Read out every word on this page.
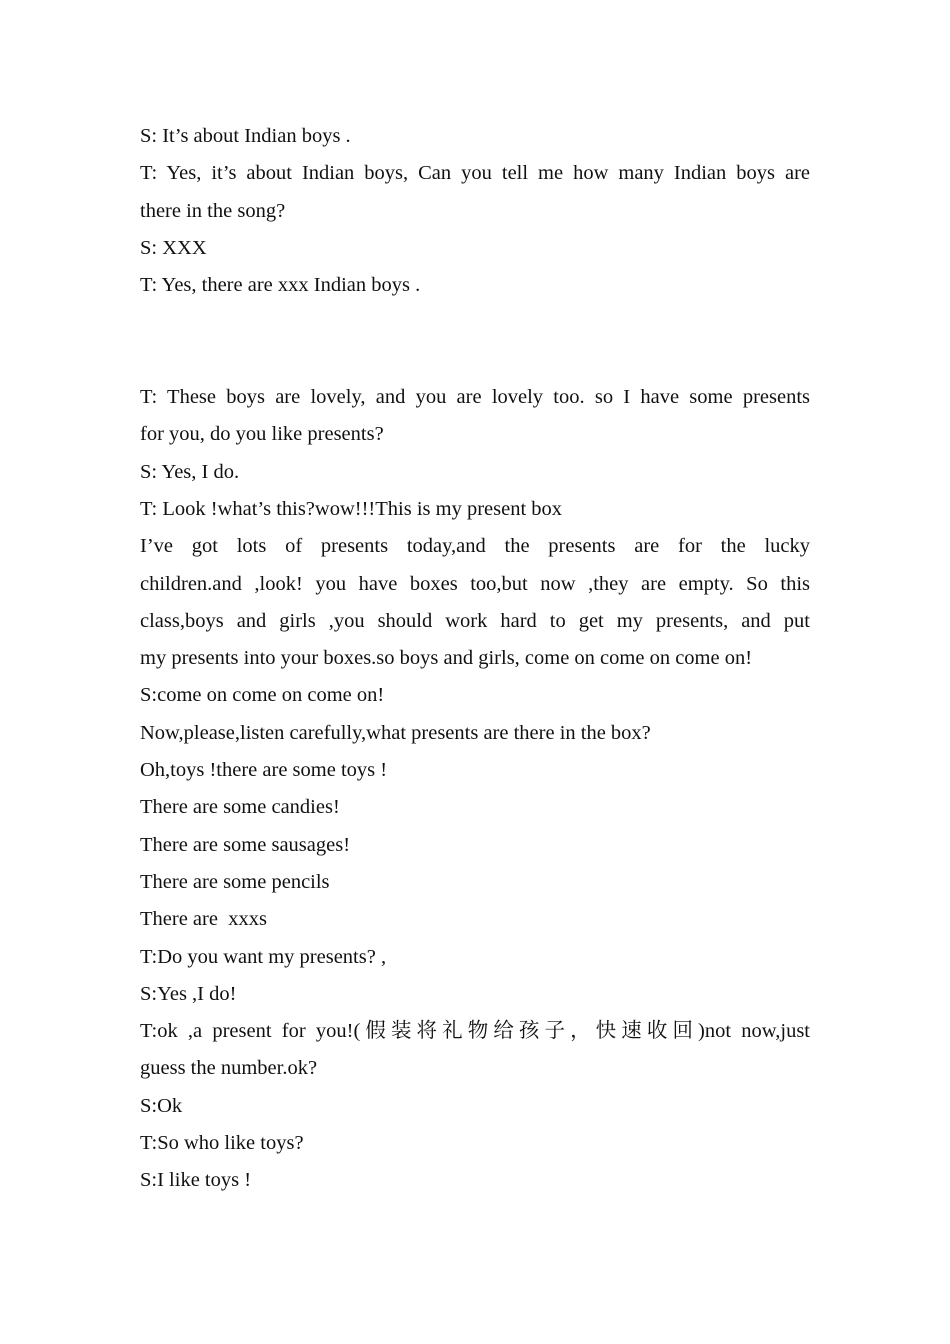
S: It’s about Indian boys .
T: Yes, it’s about Indian boys, Can you tell me how many Indian boys are
there in the song?
S: XXX
T: Yes, there are xxx Indian boys .
T: These boys are lovely, and you are lovely too. so I have some presents
for you, do you like presents?
S: Yes, I do.
T: Look !what’s this?wow!!!This is my present box
I’ve got lots of presents today,and the presents are for the lucky
children.and ,look! you have boxes too,but now ,they are empty. So this
class,boys and girls ,you should work hard to get my presents, and put
my presents into your boxes.so boys and girls, come on come on come on!
S:come on come on come on!
Now,please,listen carefully,what presents are there in the box?
Oh,toys !there are some toys !
There are some candies!
There are some sausages!
There are some pencils
There are  xxxs
T:Do you want my presents? ,
S:Yes ,I do!
T:ok ,a present for you!(假装将礼物给孩子，快速收回)not now,just
guess the number.ok?
S:Ok
T:So who like toys?
S:I like toys !
